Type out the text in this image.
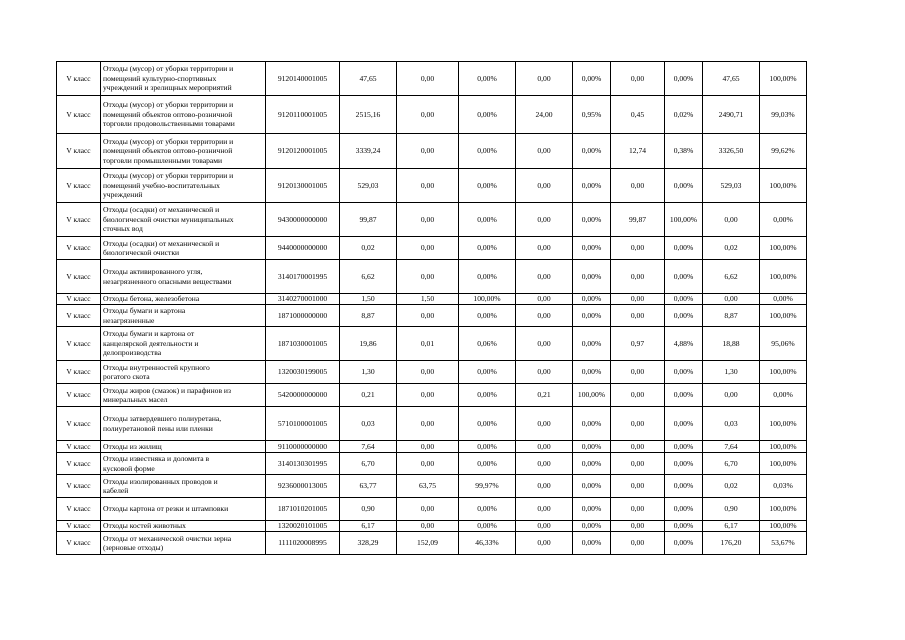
V класс	Отходы (мусор) от уборки территории и
помещений культурно-спортивных
учреждений и зрелищных мероприятий	9120140001005	47,65	0,00	0,00%	0,00	0,00%	0,00	0,00%	47,65	100,00%
V класс	Отходы (мусор) от уборки территории и
помещений объектов оптово-розничной
торговли продовольственными товарами	9120110001005	2515,16	0,00	0,00%	24,00	0,95%	0,45	0,02%	2490,71	99,03%
V класс	Отходы (мусор) от уборки территории и
помещений объектов оптово-розничной
торговли промышленными товарами	9120120001005	3339,24	0,00	0,00%	0,00	0,00%	12,74	0,38%	3326,50	99,62%
V класс	Отходы (мусор) от уборки территории и
помещений учебно-воспитательных
учреждений	9120130001005	529,03	0,00	0,00%	0,00	0,00%	0,00	0,00%	529,03	100,00%
V класс	Отходы (осадки) от механической и
биологической очистки муниципальных
сточных вод	9430000000000	99,87	0,00	0,00%	0,00	0,00%	99,87	100,00%	0,00	0,00%
V класс	Отходы (осадки) от механической и
биологической очистки	9440000000000	0,02	0,00	0,00%	0,00	0,00%	0,00	0,00%	0,02	100,00%
V класс	Отходы активированного угля,
незагрязненного опасными веществами	3140170001995	6,62	0,00	0,00%	0,00	0,00%	0,00	0,00%	6,62	100,00%
V класс	Отходы бетона, железобетона	3140270001000	1,50	1,50	100,00%	0,00	0,00%	0,00	0,00%	0,00	0,00%
V класс	Отходы бумаги и картона
незагрязненные	1871000000000	8,87	0,00	0,00%	0,00	0,00%	0,00	0,00%	8,87	100,00%
V класс	Отходы бумаги и картона от
канцелярской деятельности и
делопроизводства	1871030001005	19,86	0,01	0,06%	0,00	0,00%	0,97	4,88%	18,88	95,06%
V класс	Отходы внутренностей крупного
рогатого скота	1320030199005	1,30	0,00	0,00%	0,00	0,00%	0,00	0,00%	1,30	100,00%
V класс	Отходы жиров (смазок) и парафинов из
минеральных масел	5420000000000	0,21	0,00	0,00%	0,21	100,00%	0,00	0,00%	0,00	0,00%
V класс	Отходы затвердевшего полиуретана,
полиуретановой пены или пленки	5710100001005	0,03	0,00	0,00%	0,00	0,00%	0,00	0,00%	0,03	100,00%
V класс	Отходы из жилищ	9110000000000	7,64	0,00	0,00%	0,00	0,00%	0,00	0,00%	7,64	100,00%
V класс	Отходы известняка и доломита в
кусковой форме	3140130301995	6,70	0,00	0,00%	0,00	0,00%	0,00	0,00%	6,70	100,00%
V класс	Отходы изолированных проводов и
кабелей	9236000013005	63,77	63,75	99,97%	0,00	0,00%	0,00	0,00%	0,02	0,03%
V класс	Отходы картона от резки и штамповки	1871010201005	0,90	0,00	0,00%	0,00	0,00%	0,00	0,00%	0,90	100,00%
V класс	Отходы костей животных	1320020101005	6,17	0,00	0,00%	0,00	0,00%	0,00	0,00%	6,17	100,00%
V класс	Отходы от механической очистки зерна
(зерновые отходы)	1111020008995	328,29	152,09	46,33%	0,00	0,00%	0,00	0,00%	176,20	53,67%
